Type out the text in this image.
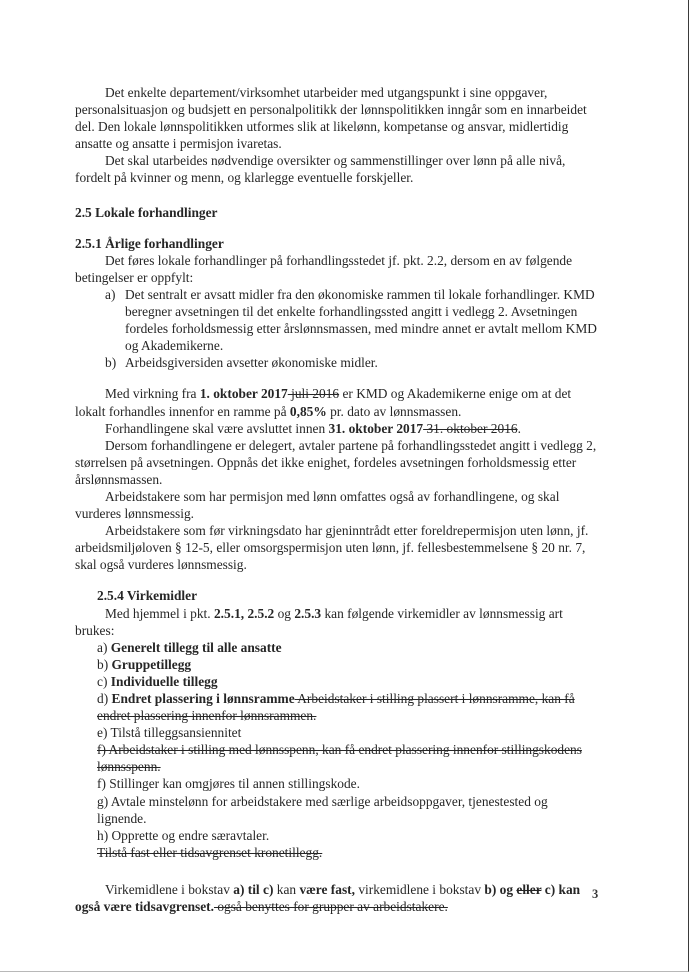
Det enkelte departement/virksomhet utarbeider med utgangspunkt i sine oppgaver, personalsituasjon og budsjett en personalpolitikk der lønnspolitikken inngår som en innarbeidet del. Den lokale lønnspolitikken utformes slik at likelønn, kompetanse og ansvar, midlertidig ansatte og ansatte i permisjon ivaretas.

Det skal utarbeides nødvendige oversikter og sammenstillinger over lønn på alle nivå, fordelt på kvinner og menn, og klarlegge eventuelle forskjeller.

2.5 Lokale forhandlinger
2.5.1 Årlige forhandlinger

Det føres lokale forhandlinger på forhandlingsstedet jf. pkt. 2.2, dersom en av følgende betingelser er oppfylt:

a) Det sentralt er avsatt midler fra den økonomiske rammen til lokale forhandlinger. KMD beregner avsetningen til det enkelte forhandlingssted angitt i vedlegg 2. Avsetningen fordeles forholdsmessig etter årslønnsmassen, med mindre annet er avtalt mellom KMD og Akademikerne.
b) Arbeidsgiversiden avsetter økonomiske midler.

Med virkning fra 1. oktober 2017 juli 2016 er KMD og Akademikerne enige om at det lokalt forhandles innenfor en ramme på 0,85% pr. dato av lønnsmassen.

Forhandlingene skal være avsluttet innen 31. oktober 2017 31. oktober 2016.

Dersom forhandlingene er delegert, avtaler partene på forhandlingsstedet angitt i vedlegg 2, størrelsen på avsetningen. Oppnås det ikke enighet, fordeles avsetningen forholdsmessig etter årslønnsmassen.

Arbeidstakere som har permisjon med lønn omfattes også av forhandlingene, og skal vurderes lønnsmessig.

Arbeidstakere som før virkningsdato har gjeninntrådt etter foreldrepermisjon uten lønn, jf. arbeidsmiljøloven § 12-5, eller omsorgspermisjon uten lønn, jf. fellesbestemmelsene § 20 nr. 7, skal også vurderes lønnsmessig.

2.5.4 Virkemidler

Med hjemmel i pkt. 2.5.1, 2.5.2 og 2.5.3 kan følgende virkemidler av lønnsmessig art brukes:

a) Generelt tillegg til alle ansatte
b) Gruppetillegg
c) Individuelle tillegg
d) Endret plassering i lønnsramme Arbeidstaker i stilling plassert i lønnsramme, kan få endret plassering innenfor lønnsrammen.
e) Tilstå tilleggsansiennitet
f) Arbeidstaker i stilling med lønnsspenn, kan få endret plassering innenfor stillingskodens lønnsspenn.
f) Stillinger kan omgjøres til annen stillingskode.
g) Avtale minstelønn for arbeidstakere med særlige arbeidsoppgaver, tjenestested og lignende.
h) Opprette og endre særavtaler.
Tilstå fast eller tidsavgrenset kronetillegg.

Virkemidlene i bokstav a) til c) kan være fast, virkemidlene i bokstav b) og eller c) kan også være tidsavgrenset. også benyttes for grupper av arbeidstakere.

3
